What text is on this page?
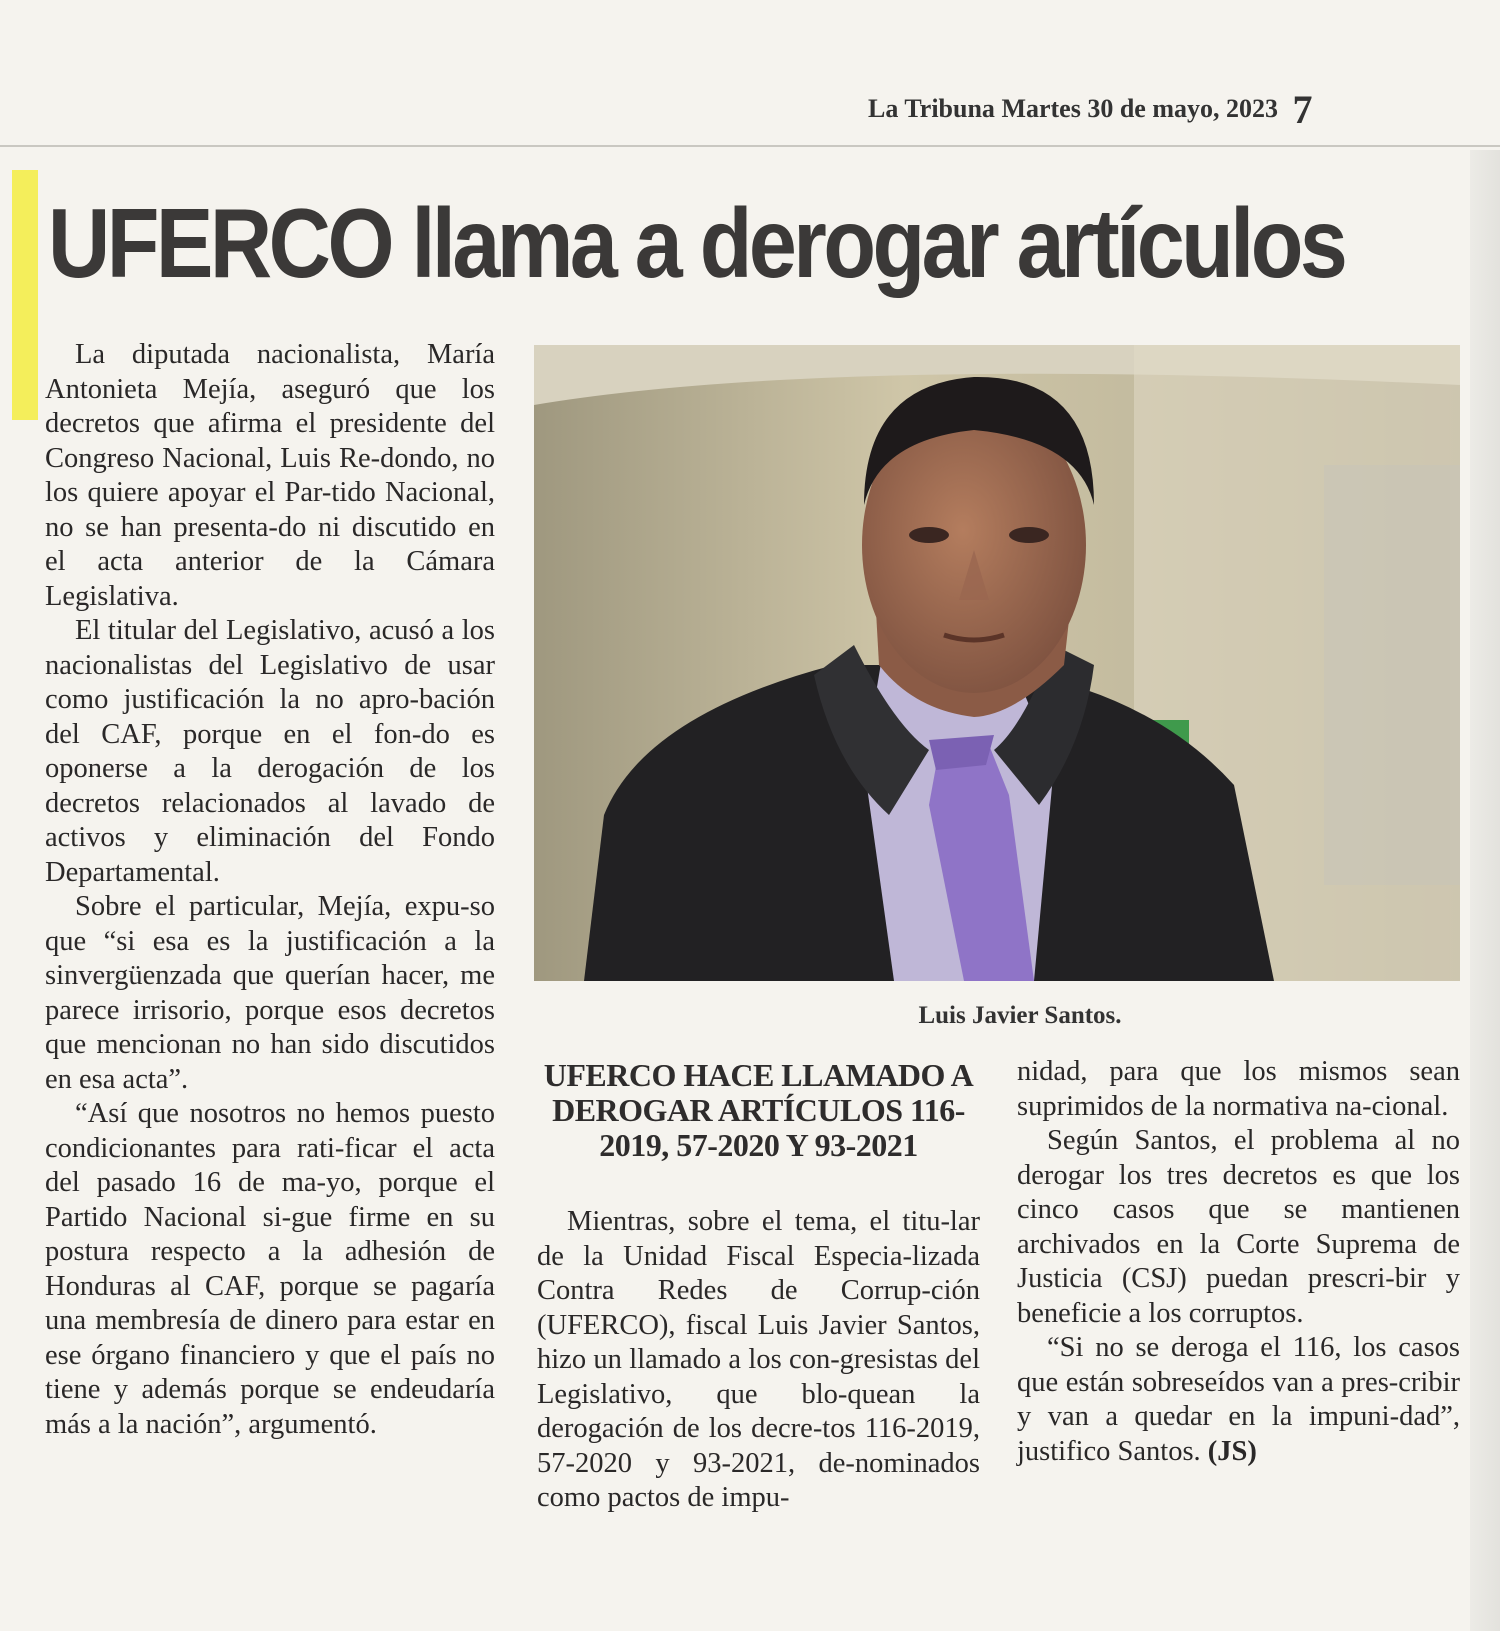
La Tribuna Martes 30 de mayo, 2023 7
UFERCO llama a derogar artículos

La diputada nacionalista, María Antonieta Mejía, aseguró que los decretos que afirma el presidente del Congreso Nacional, Luis Re-dondo, no los quiere apoyar el Par-tido Nacional, no se han presenta-do ni discutido en el acta anterior de la Cámara Legislativa.

El titular del Legislativo, acusó a los nacionalistas del Legislativo de usar como justificación la no apro-bación del CAF, porque en el fon-do es oponerse a la derogación de los decretos relacionados al lavado de activos y eliminación del Fondo Departamental.

Sobre el particular, Mejía, expu-so que “si esa es la justificación a la sinvergüenzada que querían hacer, me parece irrisorio, porque esos decretos que mencionan no han sido discutidos en esa acta”.

“Así que nosotros no hemos puesto condicionantes para rati-ficar el acta del pasado 16 de ma-yo, porque el Partido Nacional si-gue firme en su postura respecto a la adhesión de Honduras al CAF, porque se pagaría una membresía de dinero para estar en ese órgano financiero y que el país no tiene y además porque se endeudaría más a la nación”, argumentó.

Luis Javier Santos.
UFERCO HACE LLAMADO A DEROGAR ARTÍCULOS 116-2019, 57-2020 Y 93-2021

Mientras, sobre el tema, el titu-lar de la Unidad Fiscal Especia-lizada Contra Redes de Corrup-ción (UFERCO), fiscal Luis Javier Santos, hizo un llamado a los con-gresistas del Legislativo, que blo-quean la derogación de los decre-tos 116-2019, 57-2020 y 93-2021, de-nominados como pactos de impu-

nidad, para que los mismos sean suprimidos de la normativa na-cional.

Según Santos, el problema al no derogar los tres decretos es que los cinco casos que se mantienen archivados en la Corte Suprema de Justicia (CSJ) puedan prescri-bir y beneficie a los corruptos.

“Si no se deroga el 116, los casos que están sobreseídos van a pres-cribir y van a quedar en la impuni-dad”, justifico Santos. (JS)
